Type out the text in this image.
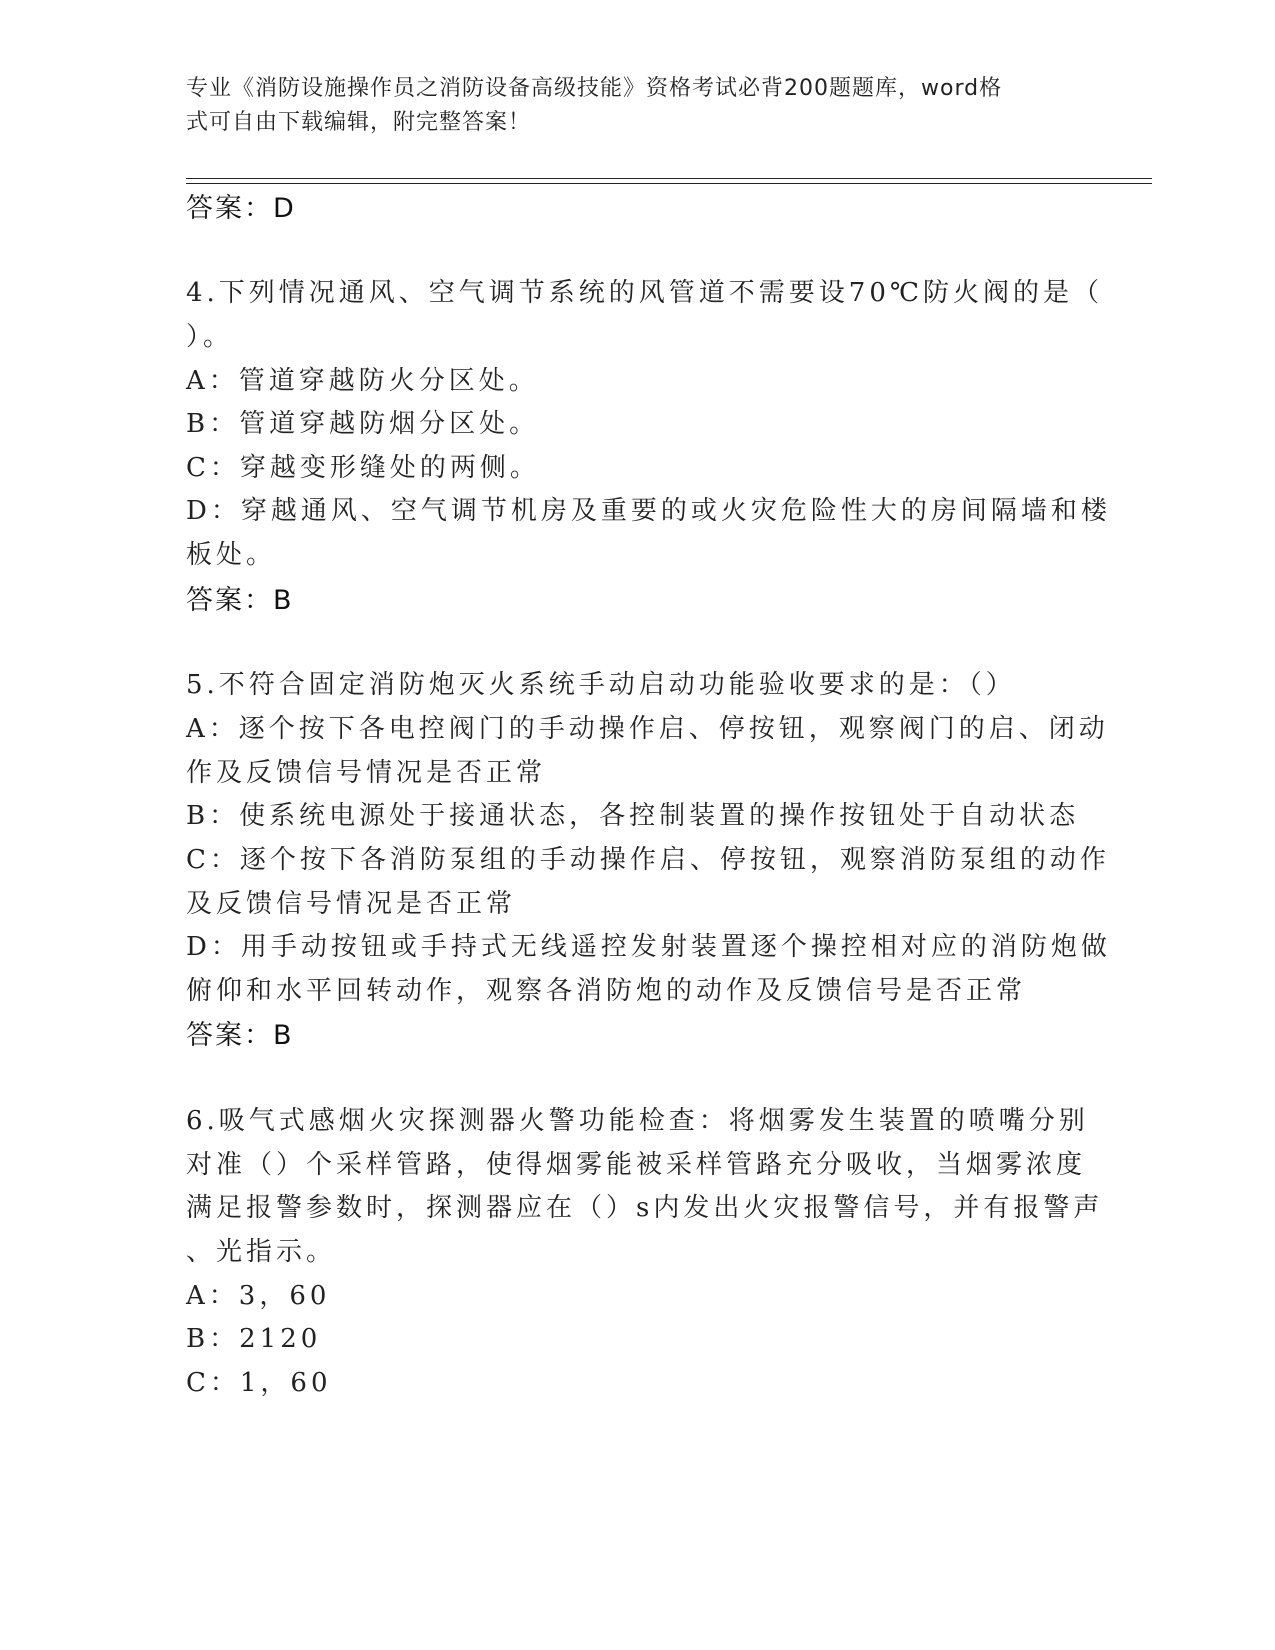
专业《消防设施操作员之消防设备高级技能》资格考试必背200题题库，word格
式可自由下载编辑，附完整答案！
答案：D
4.下列情况通风、空气调节系统的风管道不需要设70℃防火阀的是（
）。
A：管道穿越防火分区处。
B：管道穿越防烟分区处。
C：穿越变形缝处的两侧。
D：穿越通风、空气调节机房及重要的或火灾危险性大的房间隔墙和楼
板处。
答案：B
5.不符合固定消防炮灭火系统手动启动功能验收要求的是：（）
A：逐个按下各电控阀门的手动操作启、停按钮，观察阀门的启、闭动
作及反馈信号情况是否正常
B：使系统电源处于接通状态，各控制装置的操作按钮处于自动状态
C：逐个按下各消防泵组的手动操作启、停按钮，观察消防泵组的动作
及反馈信号情况是否正常
D：用手动按钮或手持式无线遥控发射装置逐个操控相对应的消防炮做
俯仰和水平回转动作，观察各消防炮的动作及反馈信号是否正常
答案：B
6.吸气式感烟火灾探测器火警功能检查：将烟雾发生装置的喷嘴分别
对准（）个采样管路，使得烟雾能被采样管路充分吸收，当烟雾浓度
满足报警参数时，探测器应在（）s内发出火灾报警信号，并有报警声
、光指示。
A：3，60
B：2120
C：1，60
